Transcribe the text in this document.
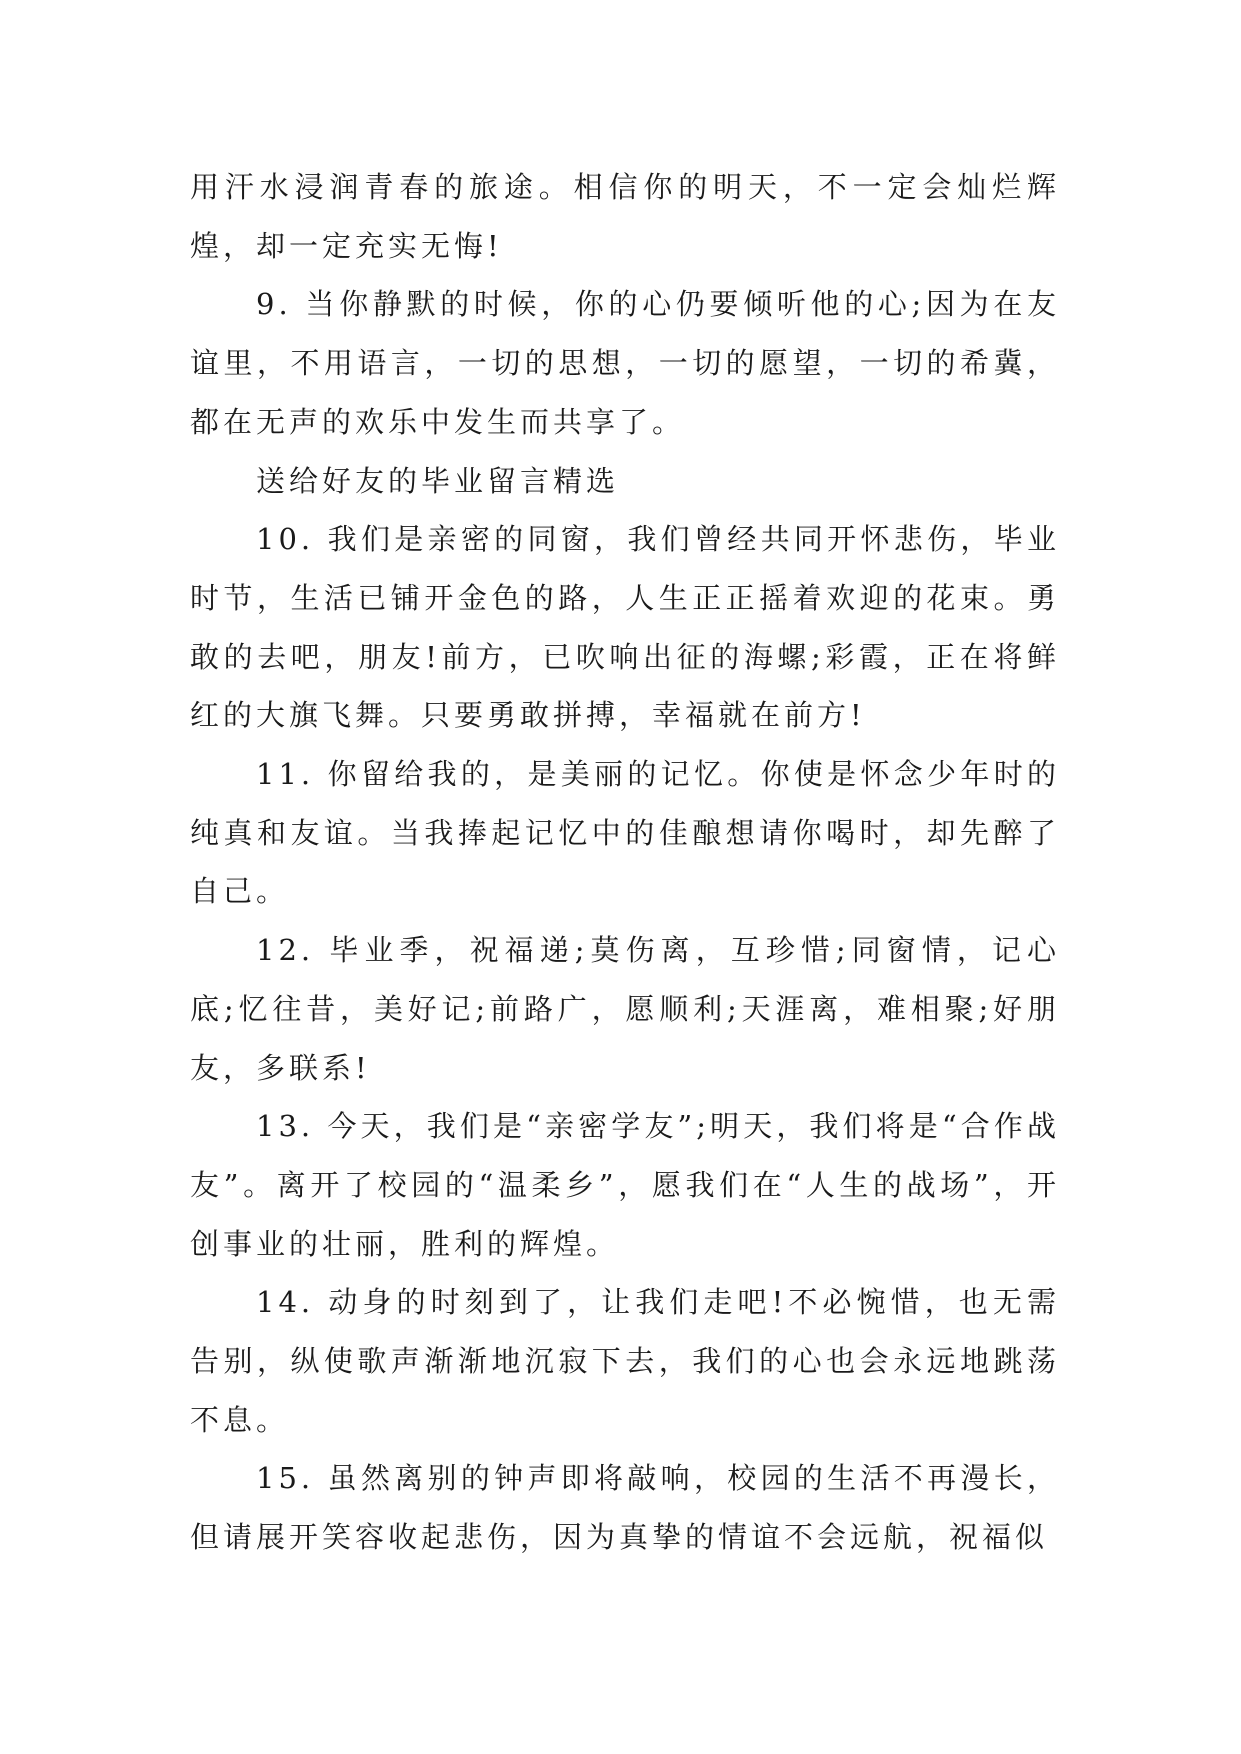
用汗水浸润青春的旅途。相信你的明天，不一定会灿烂辉煌，却一定充实无悔!

9. 当你静默的时候，你的心仍要倾听他的心;因为在友谊里，不用语言，一切的思想，一切的愿望，一切的希冀，都在无声的欢乐中发生而共享了。

送给好友的毕业留言精选

10. 我们是亲密的同窗，我们曾经共同开怀悲伤，毕业时节，生活已铺开金色的路，人生正正摇着欢迎的花束。勇敢的去吧，朋友!前方，已吹响出征的海螺;彩霞，正在将鲜红的大旗飞舞。只要勇敢拼搏，幸福就在前方!

11. 你留给我的，是美丽的记忆。你使是怀念少年时的纯真和友谊。当我捧起记忆中的佳酿想请你喝时，却先醉了自己。

12. 毕业季，祝福递;莫伤离，互珍惜;同窗情，记心底;忆往昔，美好记;前路广，愿顺利;天涯离，难相聚;好朋友，多联系!

13. 今天，我们是“亲密学友”;明天，我们将是“合作战友”。离开了校园的“温柔乡”，愿我们在“人生的战场”，开创事业的壮丽，胜利的辉煌。

14. 动身的时刻到了，让我们走吧!不必惋惜，也无需告别，纵使歌声渐渐地沉寂下去，我们的心也会永远地跳荡不息。

15. 虽然离别的钟声即将敲响，校园的生活不再漫长，但请展开笑容收起悲伤，因为真挚的情谊不会远航，祝福似
